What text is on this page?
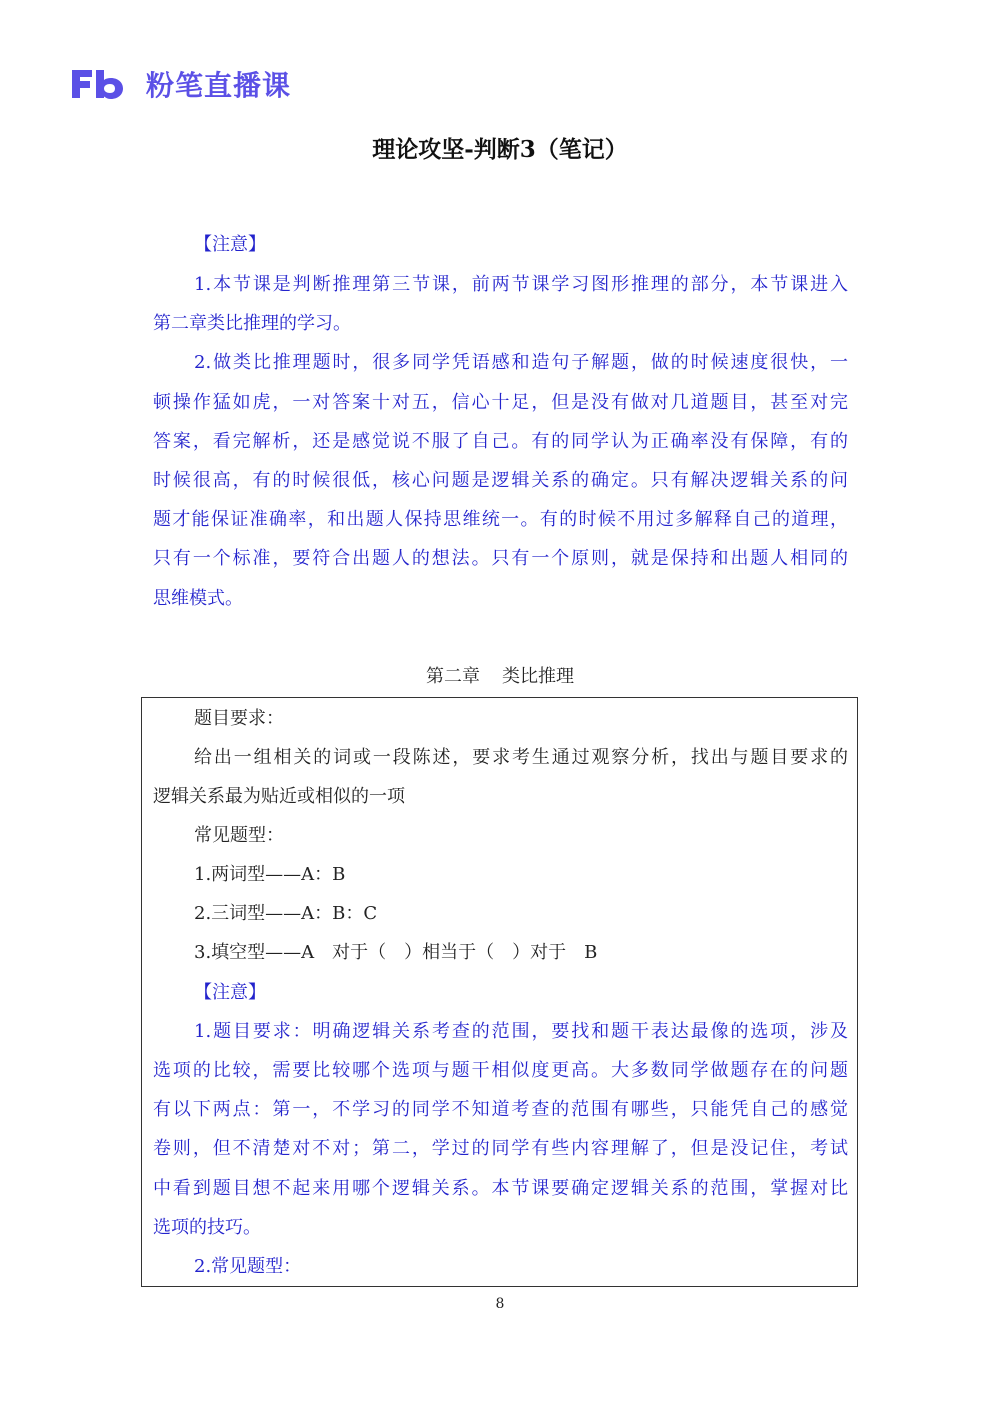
粉笔直播课
理论攻坚-判断3（笔记）
【注意】
1.本节课是判断推理第三节课，前两节课学习图形推理的部分，本节课进入
第二章类比推理的学习。
2.做类比推理题时，很多同学凭语感和造句子解题，做的时候速度很快，一
顿操作猛如虎，一对答案十对五，信心十足，但是没有做对几道题目，甚至对完
答案，看完解析，还是感觉说不服了自己。有的同学认为正确率没有保障，有的
时候很高，有的时候很低，核心问题是逻辑关系的确定。只有解决逻辑关系的问
题才能保证准确率，和出题人保持思维统一。有的时候不用过多解释自己的道理，
只有一个标准，要符合出题人的想法。只有一个原则，就是保持和出题人相同的
思维模式。
第二章 类比推理
题目要求：
给出一组相关的词或一段陈述，要求考生通过观察分析，找出与题目要求的
逻辑关系最为贴近或相似的一项
常见题型：
1.两词型——A：B
2.三词型——A：B：C
3.填空型——A　对于（　）相当于（　）对于　B
【注意】
1.题目要求：明确逻辑关系考查的范围，要找和题干表达最像的选项，涉及
选项的比较，需要比较哪个选项与题干相似度更高。大多数同学做题存在的问题
有以下两点：第一，不学习的同学不知道考查的范围有哪些，只能凭自己的感觉
卷则，但不清楚对不对；第二，学过的同学有些内容理解了，但是没记住，考试
中看到题目想不起来用哪个逻辑关系。本节课要确定逻辑关系的范围，掌握对比
选项的技巧。
2.常见题型：
8
